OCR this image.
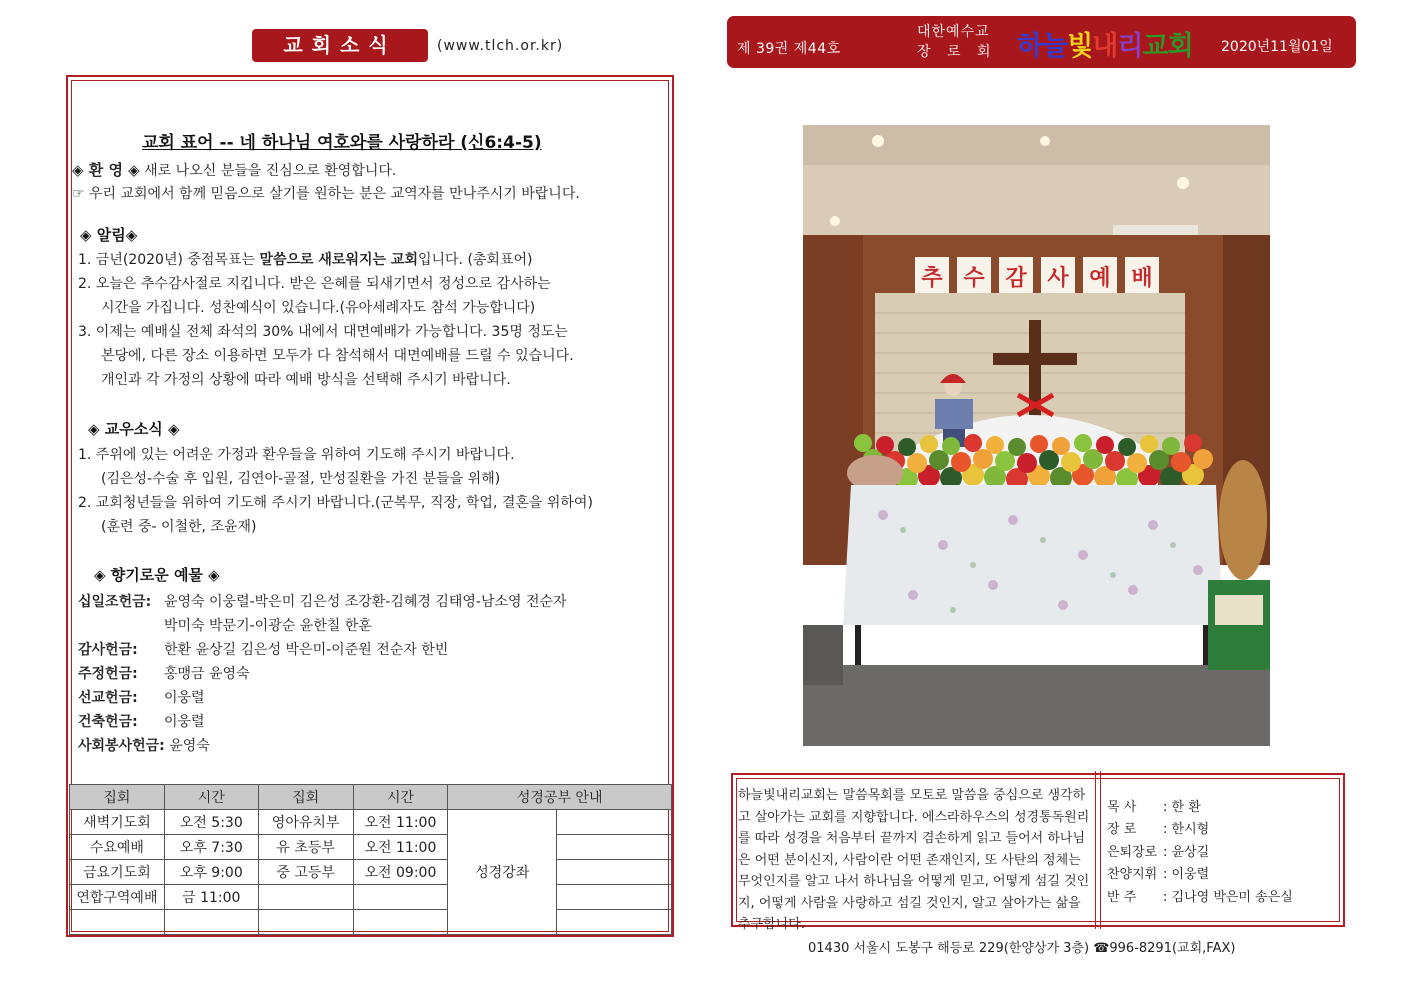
교회소식	(www.tlch.or.kr)
교회 표어 -- 네 하나님 여호와를 사랑하라 (신6:4-5)
◈ 환 영 ◈ 새로 나오신 분들을 진심으로 환영합니다.
☞ 우리 교회에서 함께 믿음으로 살기를 원하는 분은 교역자를 만나주시기 바랍니다.
◈ 알림◈
1. 금년(2020년) 중점목표는 말씀으로 새로워지는 교회입니다. (총회표어)
2. 오늘은 추수감사절로 지킵니다. 받은 은혜를 되새기면서 정성으로 감사하는
시간을 가집니다. 성찬예식이 있습니다.(유아세례자도 참석 가능합니다)
3. 이제는 예배실 전체 좌석의 30% 내에서 대면예배가 가능합니다. 35명 정도는
본당에, 다른 장소 이용하면 모두가 다 참석해서 대면예배를 드릴 수 있습니다.
개인과 각 가정의 상황에 따라 예배 방식을 선택해 주시기 바랍니다.
◈ 교우소식 ◈
1. 주위에 있는 어려운 가정과 환우들을 위하여 기도해 주시기 바랍니다.
(김은성-수술 후 입원, 김연아-골절, 만성질환을 가진 분들을 위해)
2. 교회청년들을 위하여 기도해 주시기 바랍니다.(군복무, 직장, 학업, 결혼을 위하여)
(훈련 중- 이철한, 조윤재)
◈ 향기로운 예물 ◈
십일조헌금: 윤영숙 이웅렬-박은미 김은성 조강환-김혜경 김태영-남소영 전순자
박미숙 박문기-이광순 윤한칠 한훈
감사헌금: 한환 윤상길 김은성 박은미-이준원 전순자 한빈
주정헌금: 홍맹금 윤영숙
선교헌금: 이웅렬
건축헌금: 이웅렬
사회봉사헌금: 윤영숙
집회	시간	집회	시간	성경공부 안내	
새벽기도회	오전 5:30	영아유치부	오전 11:00	성경강좌	
수요예배	오후 7:30	유 초등부	오전 11:00		
금요기도회	오후 9:00	중 고등부	오전 09:00		
연합구역예배	금 11:00				

제 39권 제44호
대한예수교
장 로 회 하늘빛내리교회 2020년11월01일
추 수 감 사 예 배
하늘빛내리교회는 말씀목회를 모토로 말씀을 중심으로 생각하고 살아가는 교회를 지향합니다. 에스라하우스의 성경통독원리를 따라 성경을 처음부터 끝까지 겸손하게 읽고 들어서 하나님은 어떤 분이신지, 사람이란 어떤 존재인지, 또 사탄의 정체는 무엇인지를 알고 나서 하나님을 어떻게 믿고, 어떻게 섬길 것인지, 어떻게 사람을 사랑하고 섬길 것인지, 알고 살아가는 삶을 추구합니다.
목 사 : 한 환
장 로 : 한시형
은퇴장로 : 윤상길
찬양지휘 : 이웅렬
반 주 : 김나영 박은미 송은실
01430 서울시 도봉구 해등로 229(한양상가 3층) ☎996-8291(교회,FAX)
